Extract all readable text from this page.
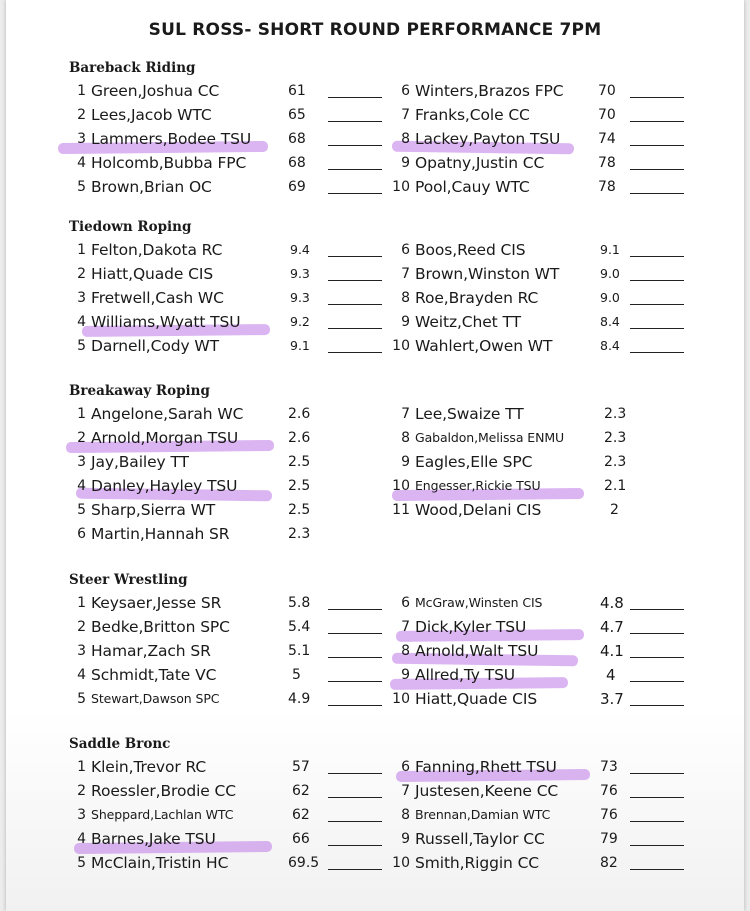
SUL ROSS- SHORT ROUND PERFORMANCE 7PM
Bareback Riding
1 Green,Joshua CC	61
2 Lees,Jacob WTC	65
3 Lammers,Bodee TSU	68
4 Holcomb,Bubba FPC	68
5 Brown,Brian OC	69
6 Winters,Brazos FPC 70
7 Franks,Cole CC	70
8 Lackey,Payton TSU	74
9 Opatny,Justin CC	78
10 Pool,Cauy WTC	78
Tiedown Roping
1 Felton,Dakota RC	9.4
2 Hiatt,Quade CIS	9.3
3 Fretwell,Cash WC	9.3
4 Williams,Wyatt TSU	9.2
5 Darnell,Cody WT	9.1
6 Boos,Reed CIS	9.1
7 Brown,Winston WT	9.0
8 Roe,Brayden RC	9.0
9 Weitz,Chet TT	8.4
10 Wahlert,Owen WT	8.4
Breakaway Roping
1 Angelone,Sarah WC	2.6
2 Arnold,Morgan TSU	2.6
3 Jay,Bailey TT	2.5
4 Danley,Hayley TSU	2.5
5 Sharp,Sierra WT	2.5
6 Martin,Hannah SR	2.3
7 Lee,Swaize TT	2.3
8 Gabaldon,Melissa ENMU	2.3
9 Eagles,Elle SPC	2.3
10 Engesser,Rickie TSU	2.1
11 Wood,Delani CIS	2
Steer Wrestling
1 Keysaer,Jesse SR	5.8
2 Bedke,Britton SPC	5.4
3 Hamar,Zach SR	5.1
4 Schmidt,Tate VC	5
5 Stewart,Dawson SPC	4.9
6 McGraw,Winsten CIS	4.8
7 Dick,Kyler TSU	4.7
8 Arnold,Walt TSU	4.1
9 Allred,Ty TSU	4
10 Hiatt,Quade CIS	3.7
Saddle Bronc
1 Klein,Trevor RC	57
2 Roessler,Brodie CC	62
3 Sheppard,Lachlan WTC	62
4 Barnes,Jake TSU	66
5 McClain,Tristin HC	69.5
6 Fanning,Rhett TSU	73
7 Justesen,Keene CC	76
8 Brennan,Damian WTC	76
9 Russell,Taylor CC	79
10 Smith,Riggin CC	82
